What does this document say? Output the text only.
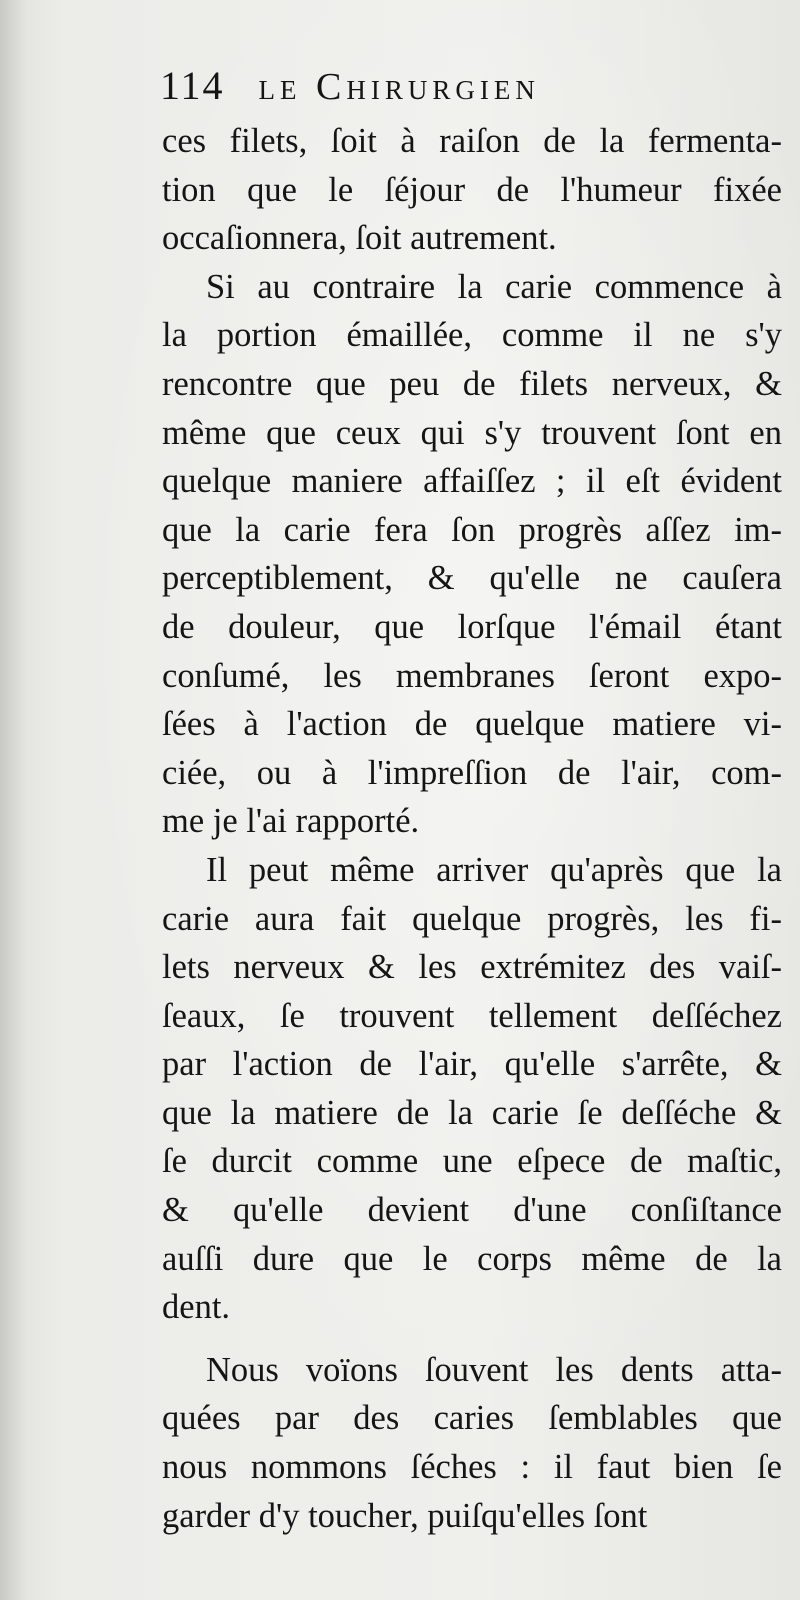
114 le Chirurgien
ces filets, ſoit à raiſon de la fermenta-
tion que le ſéjour de l'humeur fixée
occaſionnera, ſoit autrement.
Si au contraire la carie commence à
la portion émaillée, comme il ne s'y
rencontre que peu de filets nerveux, &
même que ceux qui s'y trouvent ſont en
quelque maniere affaiſſez ; il eſt évident
que la carie fera ſon progrès aſſez im-
perceptiblement, & qu'elle ne cauſera
de douleur, que lorſque l'émail étant
conſumé, les membranes ſeront expo-
ſées à l'action de quelque matiere vi-
ciée, ou à l'impreſſion de l'air, com-
me je l'ai rapporté.
Il peut même arriver qu'après que la
carie aura fait quelque progrès, les fi-
lets nerveux & les extrémitez des vaiſ-
ſeaux, ſe trouvent tellement deſſéchez
par l'action de l'air, qu'elle s'arrête, &
que la matiere de la carie ſe deſſéche &
ſe durcit comme une eſpece de maſtic,
& qu'elle devient d'une conſiſtance
auſſi dure que le corps même de la
dent.
Nous voïons ſouvent les dents atta-
quées par des caries ſemblables que
nous nommons ſéches : il faut bien ſe
garder d'y toucher, puiſqu'elles ſont
